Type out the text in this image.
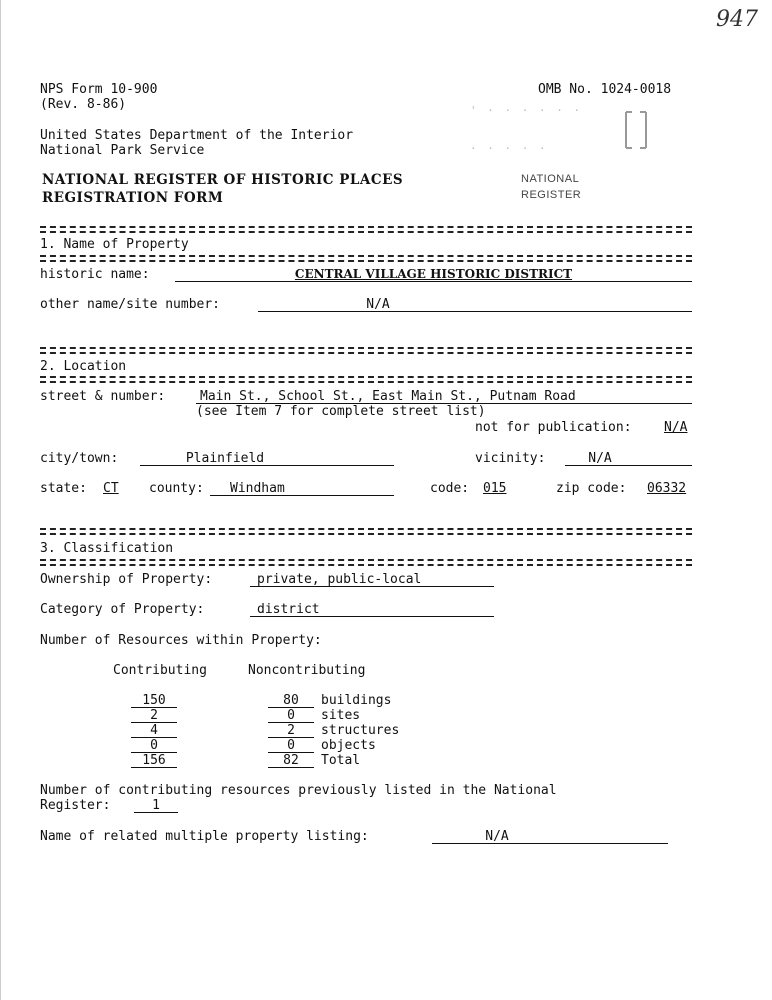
947
NPS Form 10-900
(Rev. 8-86)
OMB No. 1024-0018
United States Department of the Interior
National Park Service
NATIONAL REGISTER OF HISTORIC PLACES
REGISTRATION FORM
' · · · · · ·
· · · · ·
NATIONAL
REGISTER
1. Name of Property
historic name:	CENTRAL VILLAGE HISTORIC DISTRICT
other name/site number:	N/A
2. Location
street & number:	Main St., School St., East Main St., Putnam Road
(see Item 7 for complete street list)
not for publication: N/A
city/town:	Plainfield	vicinity:	N/A
state: CT county: Windham	code: 015	zip code: 06332
3. Classification
Ownership of Property:	private, public-local
Category of Property:	district
Number of Resources within Property:
Contributing	Noncontributing
150	80	buildings
2	0	sites
4	2	structures
0	0	objects
156	82	Total
Number of contributing resources previously listed in the National
Register:	1
Name of related multiple property listing:	N/A
